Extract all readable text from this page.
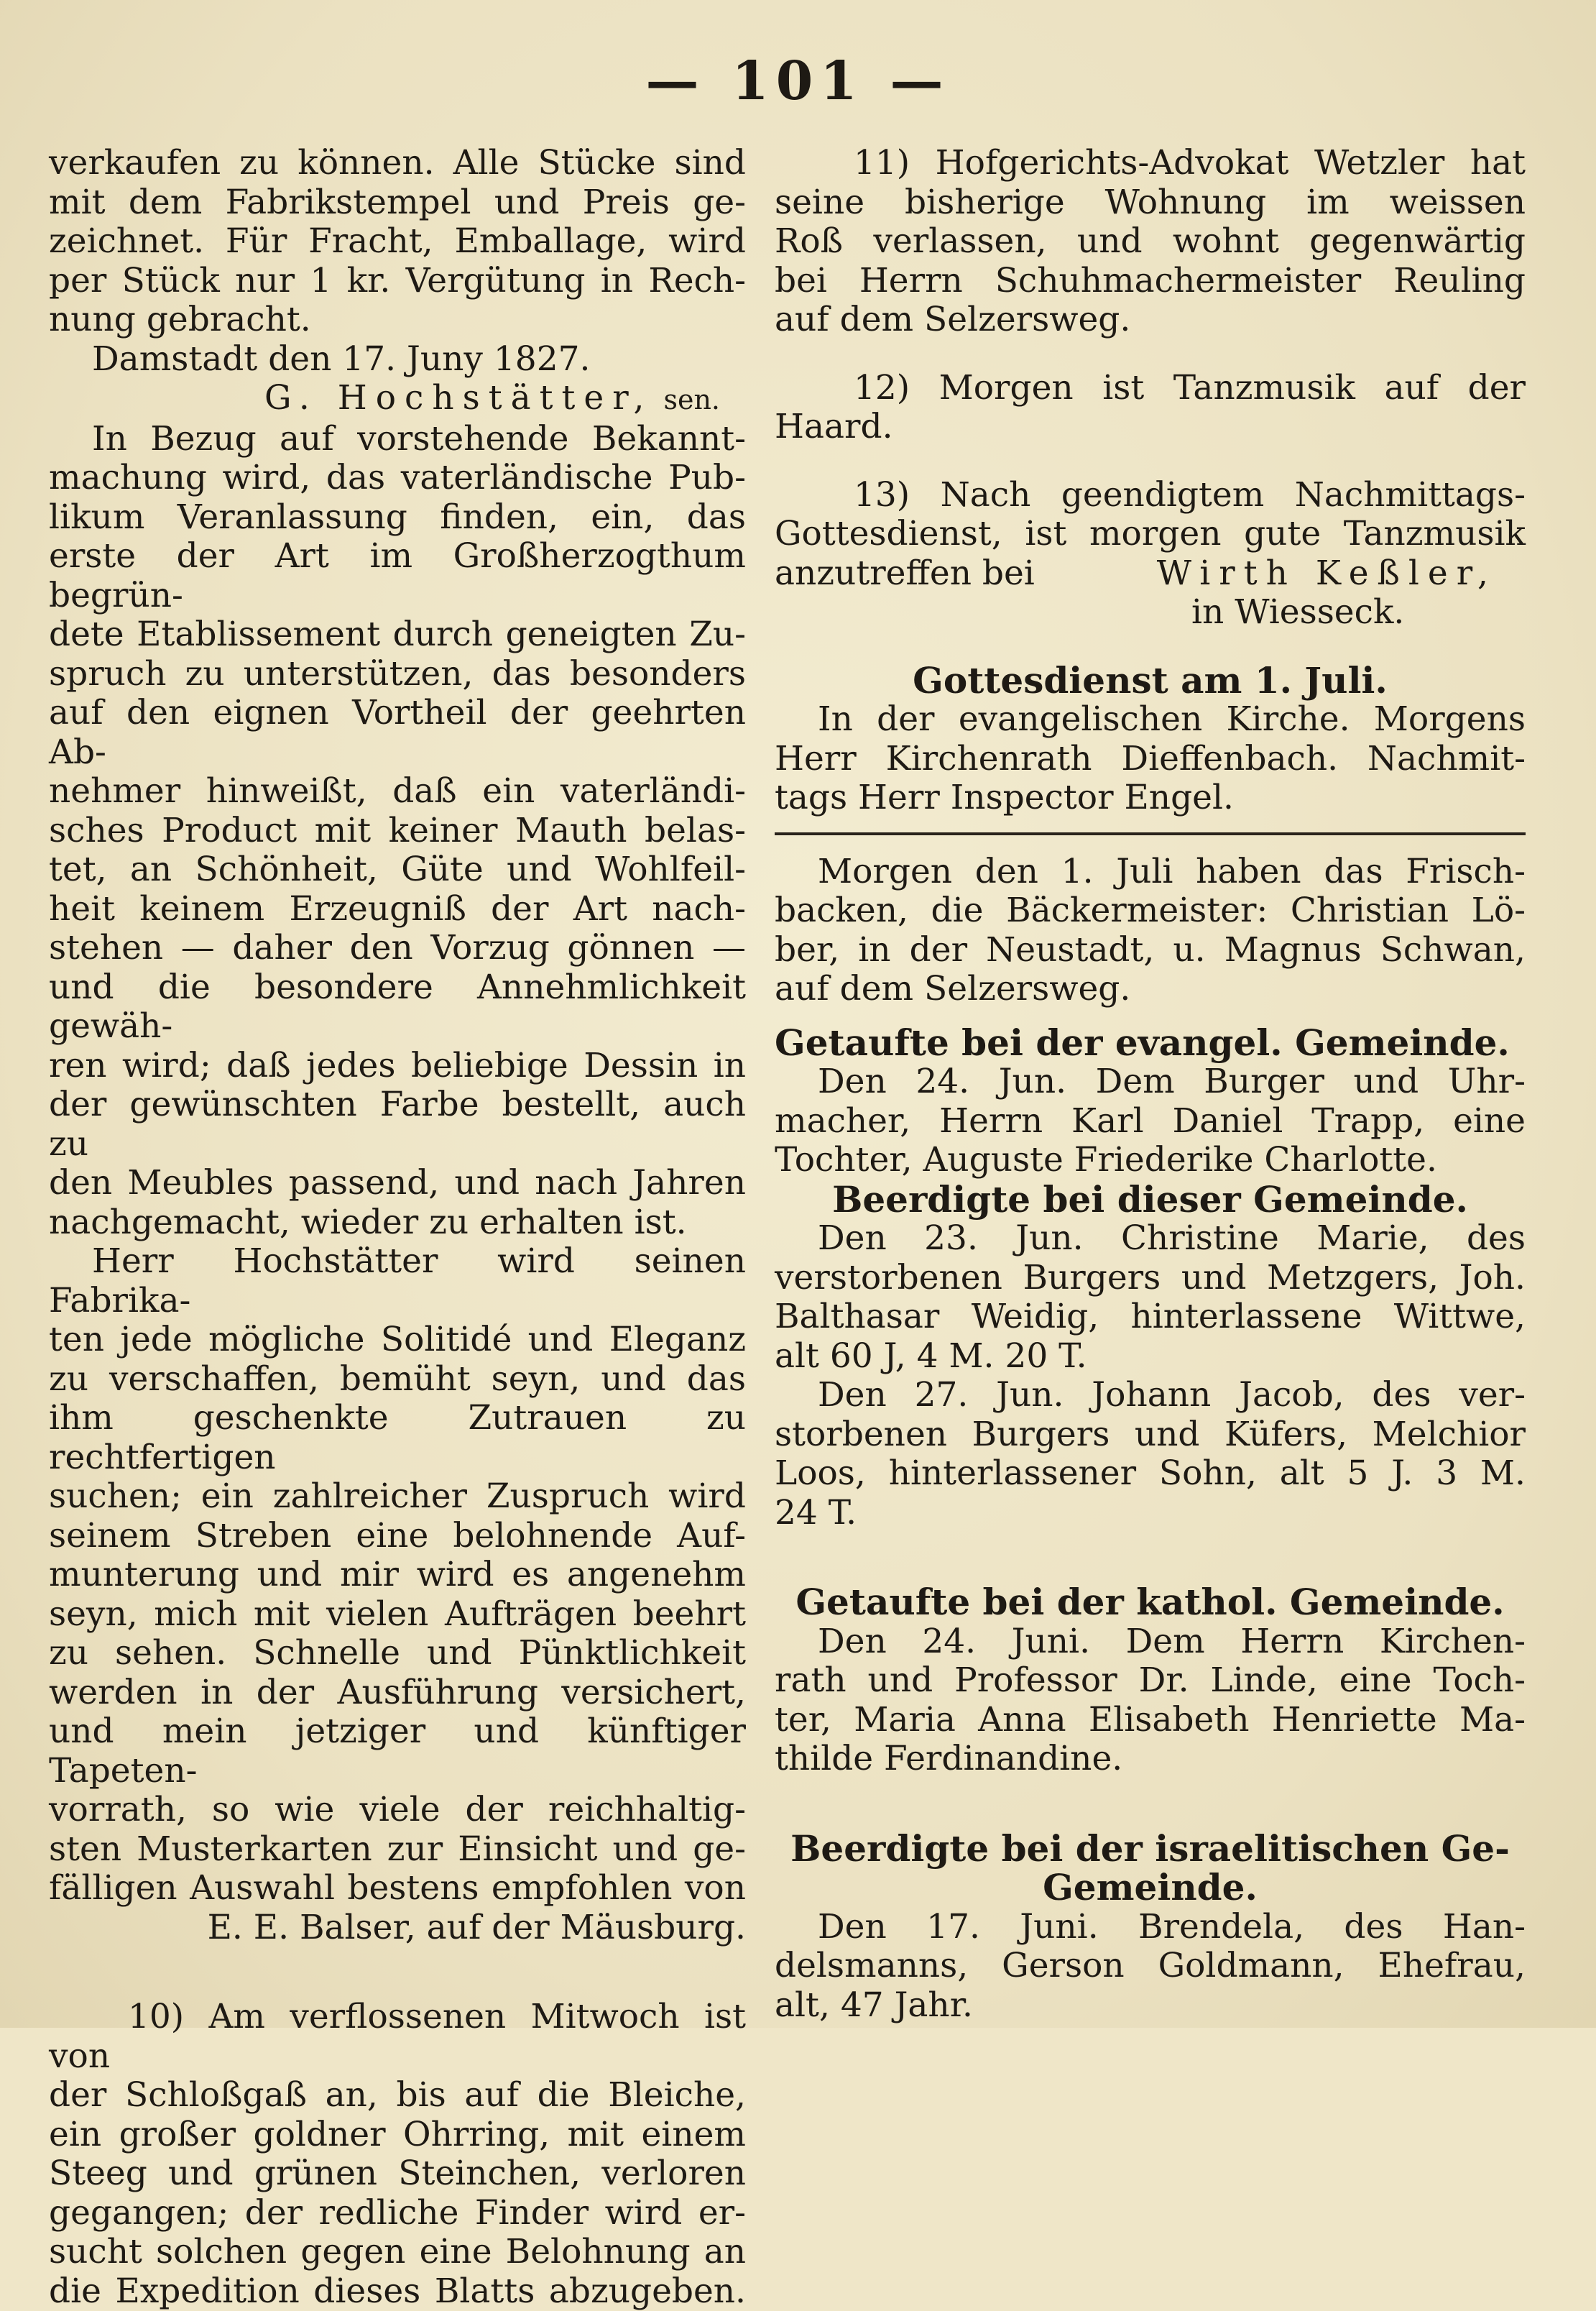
— 101 —

verkaufen zu können. Alle Stücke sind

mit dem Fabrikstempel und Preis ge-

zeichnet. Für Fracht, Emballage, wird

per Stück nur 1 kr. Vergütung in Rech-

nung gebracht.

Damstadt den 17. Juny 1827.

G. Hochstätter, sen.

In Bezug auf vorstehende Bekannt-

machung wird, das vaterländische Pub-

likum Veranlassung finden, ein, das

erste der Art im Großherzogthum begrün-

dete Etablissement durch geneigten Zu-

spruch zu unterstützen, das besonders

auf den eignen Vortheil der geehrten Ab-

nehmer hinweißt, daß ein vaterländi-

sches Product mit keiner Mauth belas-

tet, an Schönheit, Güte und Wohlfeil-

heit keinem Erzeugniß der Art nach-

stehen — daher den Vorzug gönnen —

und die besondere Annehmlichkeit gewäh-

ren wird; daß jedes beliebige Dessin in

der gewünschten Farbe bestellt, auch zu

den Meubles passend, und nach Jahren

nachgemacht, wieder zu erhalten ist.

Herr Hochstätter wird seinen Fabrika-

ten jede mögliche Solitidé und Eleganz

zu verschaffen, bemüht seyn, und das

ihm geschenkte Zutrauen zu rechtfertigen

suchen; ein zahlreicher Zuspruch wird

seinem Streben eine belohnende Auf-

munterung und mir wird es angenehm

seyn, mich mit vielen Aufträgen beehrt

zu sehen. Schnelle und Pünktlichkeit

werden in der Ausführung versichert,

und mein jetziger und künftiger Tapeten-

vorrath, so wie viele der reichhaltig-

sten Musterkarten zur Einsicht und ge-

fälligen Auswahl bestens empfohlen von

E. E. Balser, auf der Mäusburg.

10) Am verflossenen Mitwoch ist von

der Schloßgaß an, bis auf die Bleiche,

ein großer goldner Ohrring, mit einem

Steeg und grünen Steinchen, verloren

gegangen; der redliche Finder wird er-

sucht solchen gegen eine Belohnung an

die Expedition dieses Blatts abzugeben.

11) Hofgerichts-Advokat Wetzler hat

seine bisherige Wohnung im weissen

Roß verlassen, und wohnt gegenwärtig

bei Herrn Schuhmachermeister Reuling

auf dem Selzersweg.

12) Morgen ist Tanzmusik auf der

Haard.

13) Nach geendigtem Nachmittags-

Gottesdienst, ist morgen gute Tanzmusik

anzutreffen bei	Wirth Keßler,

in Wiesseck.

Gottesdienst am 1. Juli.

In der evangelischen Kirche. Morgens

Herr Kirchenrath Dieffenbach. Nachmit-

tags Herr Inspector Engel.

Morgen den 1. Juli haben das Frisch-

backen, die Bäckermeister: Christian Lö-

ber, in der Neustadt, u. Magnus Schwan,

auf dem Selzersweg.

Getaufte bei der evangel. Gemeinde.

Den 24. Jun. Dem Burger und Uhr-

macher, Herrn Karl Daniel Trapp, eine

Tochter, Auguste Friederike Charlotte.

Beerdigte bei dieser Gemeinde.

Den 23. Jun. Christine Marie, des

verstorbenen Burgers und Metzgers, Joh.

Balthasar Weidig, hinterlassene Wittwe,

alt 60 J, 4 M. 20 T.

Den 27. Jun. Johann Jacob, des ver-

storbenen Burgers und Küfers, Melchior

Loos, hinterlassener Sohn, alt 5 J. 3 M.

24 T.

Getaufte bei der kathol. Gemeinde.

Den 24. Juni. Dem Herrn Kirchen-

rath und Professor Dr. Linde, eine Toch-

ter, Maria Anna Elisabeth Henriette Ma-

thilde Ferdinandine.

Beerdigte bei der israelitischen Ge-

Gemeinde.

Den 17. Juni. Brendela, des Han-

delsmanns, Gerson Goldmann, Ehefrau,

alt, 47 Jahr.
